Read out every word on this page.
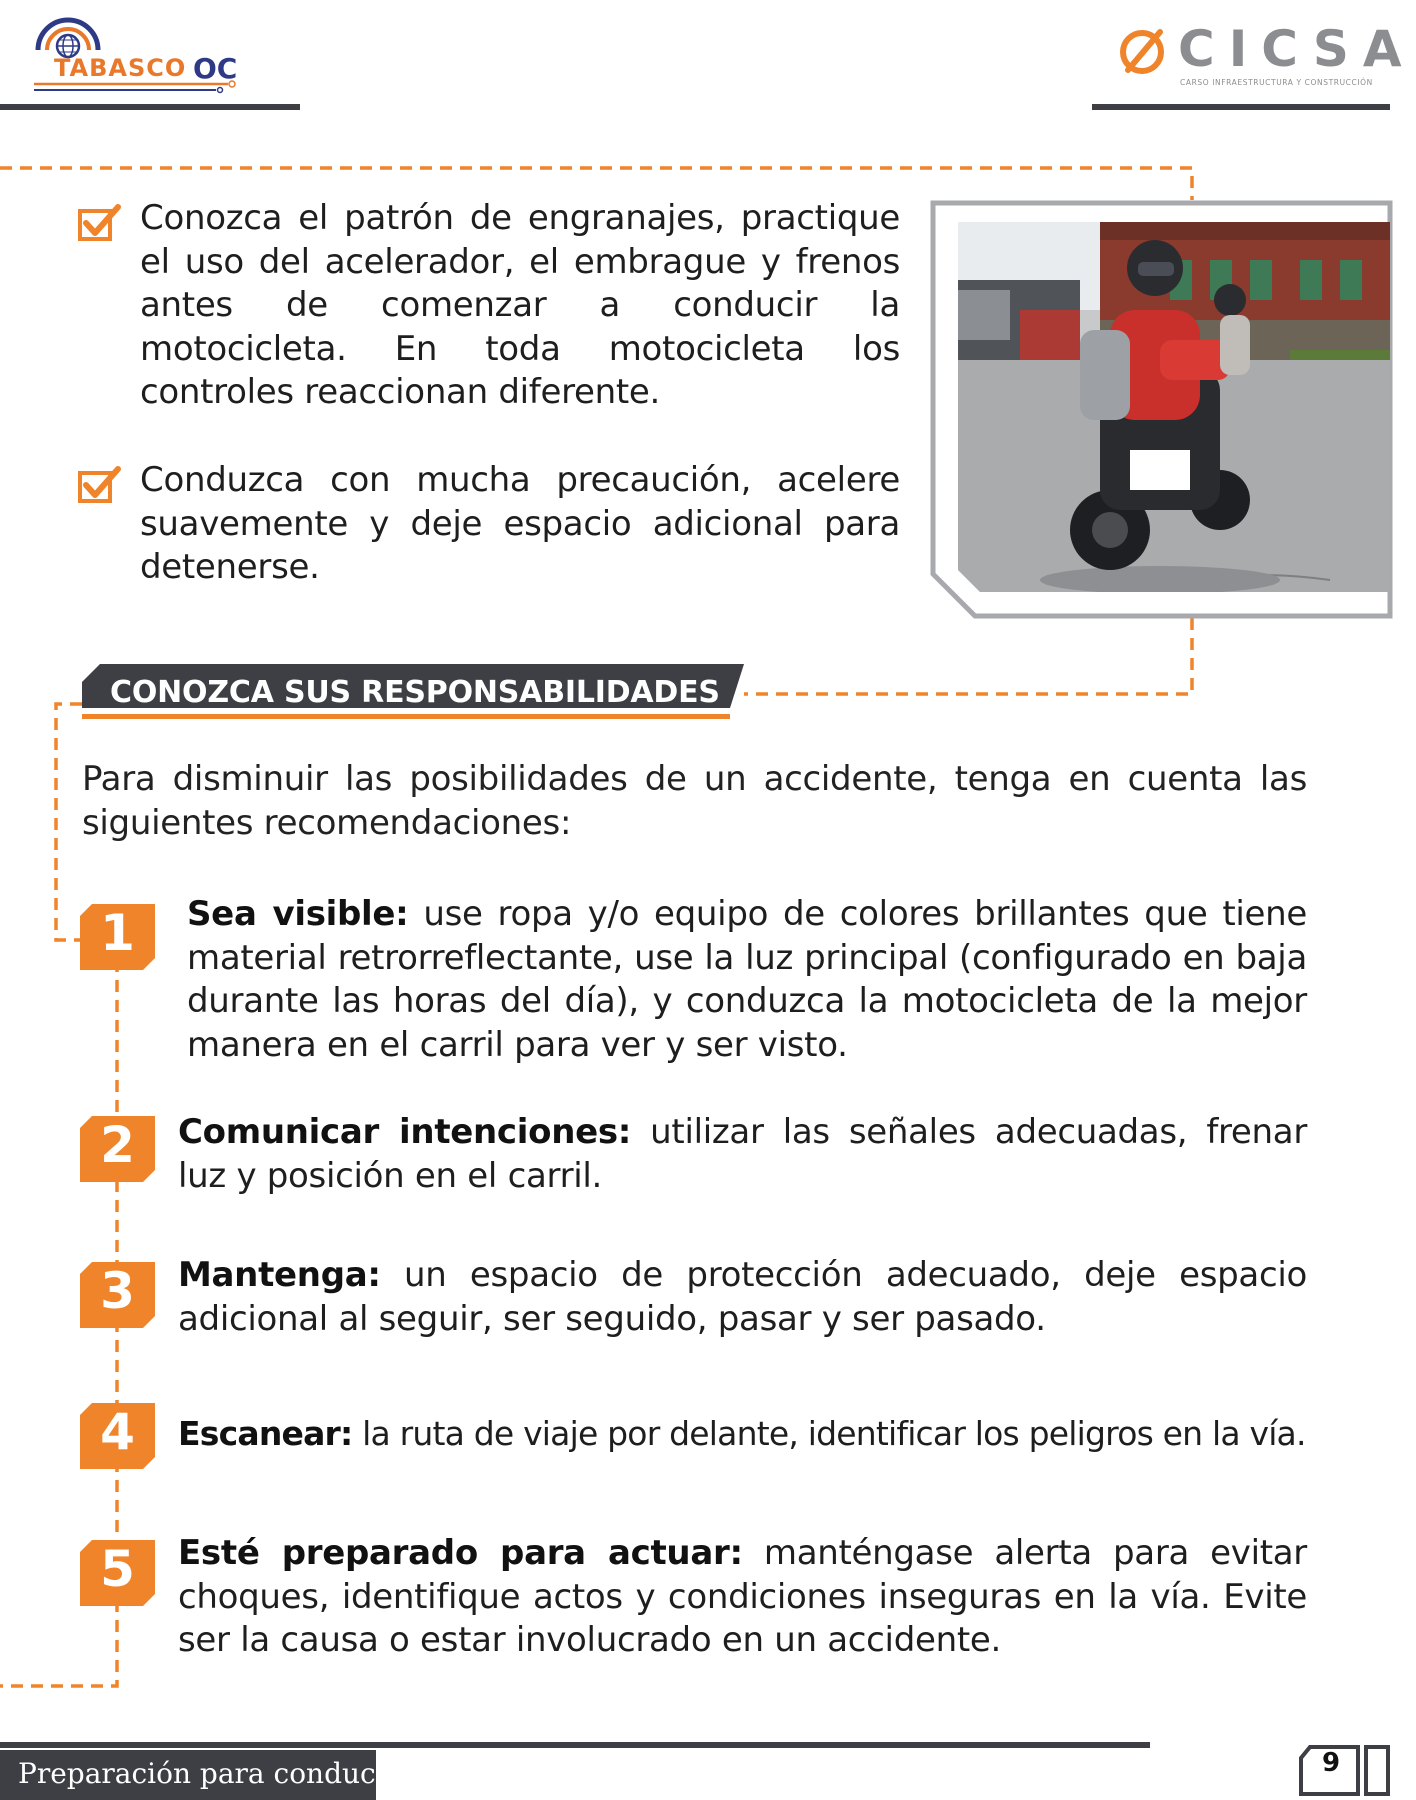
TABASCO OC	CICSA
CARSO INFRAESTRUCTURA Y CONSTRUCCIÓN
Conozca el patrón de engranajes, practique el uso del acelerador, el embrague y frenos antes de comenzar a conducir la motocicleta. En toda motocicleta los controles reaccionan diferente.
Conduzca con mucha precaución, acelere suavemente y deje espacio adicional para detenerse.
CONOZCA SUS RESPONSABILIDADES
Para disminuir las posibilidades de un accidente, tenga en cuenta las siguientes recomendaciones:
1	Sea visible: use ropa y/o equipo de colores brillantes que tiene material retrorreflectante, use la luz principal (configurado en baja durante las horas del día), y conduzca la motocicleta de la mejor manera en el carril para ver y ser visto.
2	Comunicar intenciones: utilizar las señales adecuadas, frenar luz y posición en el carril.
3	Mantenga: un espacio de protección adecuado, deje espacio adicional al seguir, ser seguido, pasar y ser pasado.
4	Escanear: la ruta de viaje por delante, identificar los peligros en la vía.
5	Esté preparado para actuar: manténgase alerta para evitar choques, identifique actos y condiciones inseguras en la vía. Evite ser la causa o estar involucrado en un accidente.
Preparación para conducir	9
